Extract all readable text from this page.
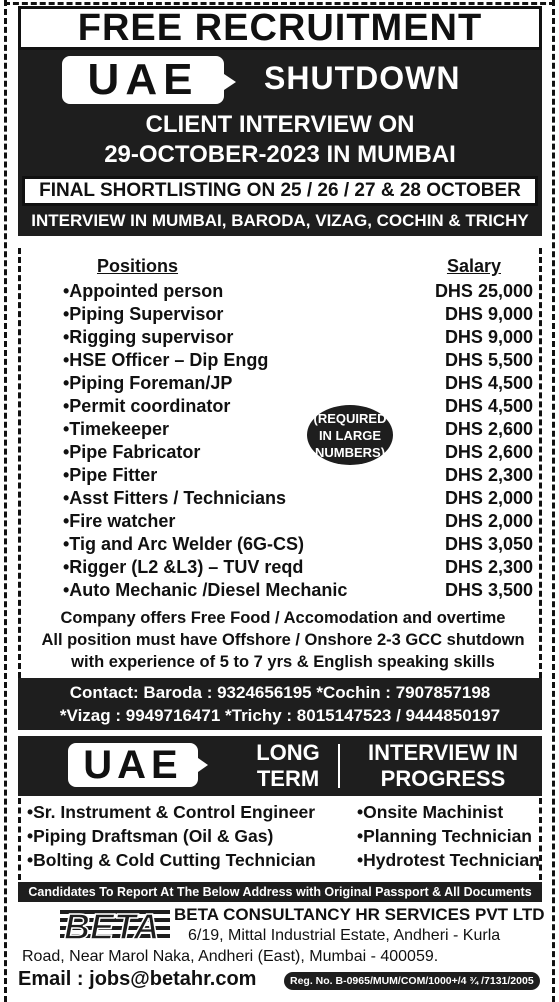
FREE RECRUITMENT
UAE SHUTDOWN
CLIENT INTERVIEW ON
29-OCTOBER-2023 IN MUMBAI
FINAL SHORTLISTING ON 25 / 26 / 27 & 28 OCTOBER
INTERVIEW IN MUMBAI, BARODA, VIZAG, COCHIN & TRICHY
Positions	Salary
•Appointed person	DHS 25,000
•Piping Supervisor	DHS 9,000
•Rigging supervisor	DHS 9,000
•HSE Officer – Dip Engg	DHS 5,500
•Piping Foreman/JP	DHS 4,500
•Permit coordinator	DHS 4,500
•Timekeeper	DHS 2,600
•Pipe Fabricator	DHS 2,600
•Pipe Fitter	DHS 2,300
•Asst Fitters / Technicians	DHS 2,000
•Fire watcher	DHS 2,000
•Tig and Arc Welder (6G-CS)	DHS 3,050
•Rigger (L2 &L3) – TUV reqd	DHS 2,300
•Auto Mechanic /Diesel Mechanic	DHS 3,500
(REQUIRED
IN LARGE
NUMBERS)
Company offers Free Food / Accomodation and overtime
All position must have Offshore / Onshore 2-3 GCC shutdown
with experience of 5 to 7 yrs & English speaking skills
Contact: Baroda : 9324656195 *Cochin : 7907857198
*Vizag : 9949716471 *Trichy : 8015147523 / 9444850197
UAE	LONG
TERM
INTERVIEW IN
PROGRESS
•Sr. Instrument & Control Engineer
•Piping Draftsman (Oil & Gas)
•Bolting & Cold Cutting Technician
•Onsite Machinist
•Planning Technician
•Hydrotest Technician
Candidates To Report At The Below Address with Original Passport & All Documents
BETA BETA CONSULTANCY HR SERVICES PVT LTD
6/19, Mittal Industrial Estate, Andheri - Kurla
Road, Near Marol Naka, Andheri (East), Mumbai - 400059.
Email : jobs@betahr.com	Reg. No. B-0965/MUM/COM/1000+/4 ¾ /7131/2005
